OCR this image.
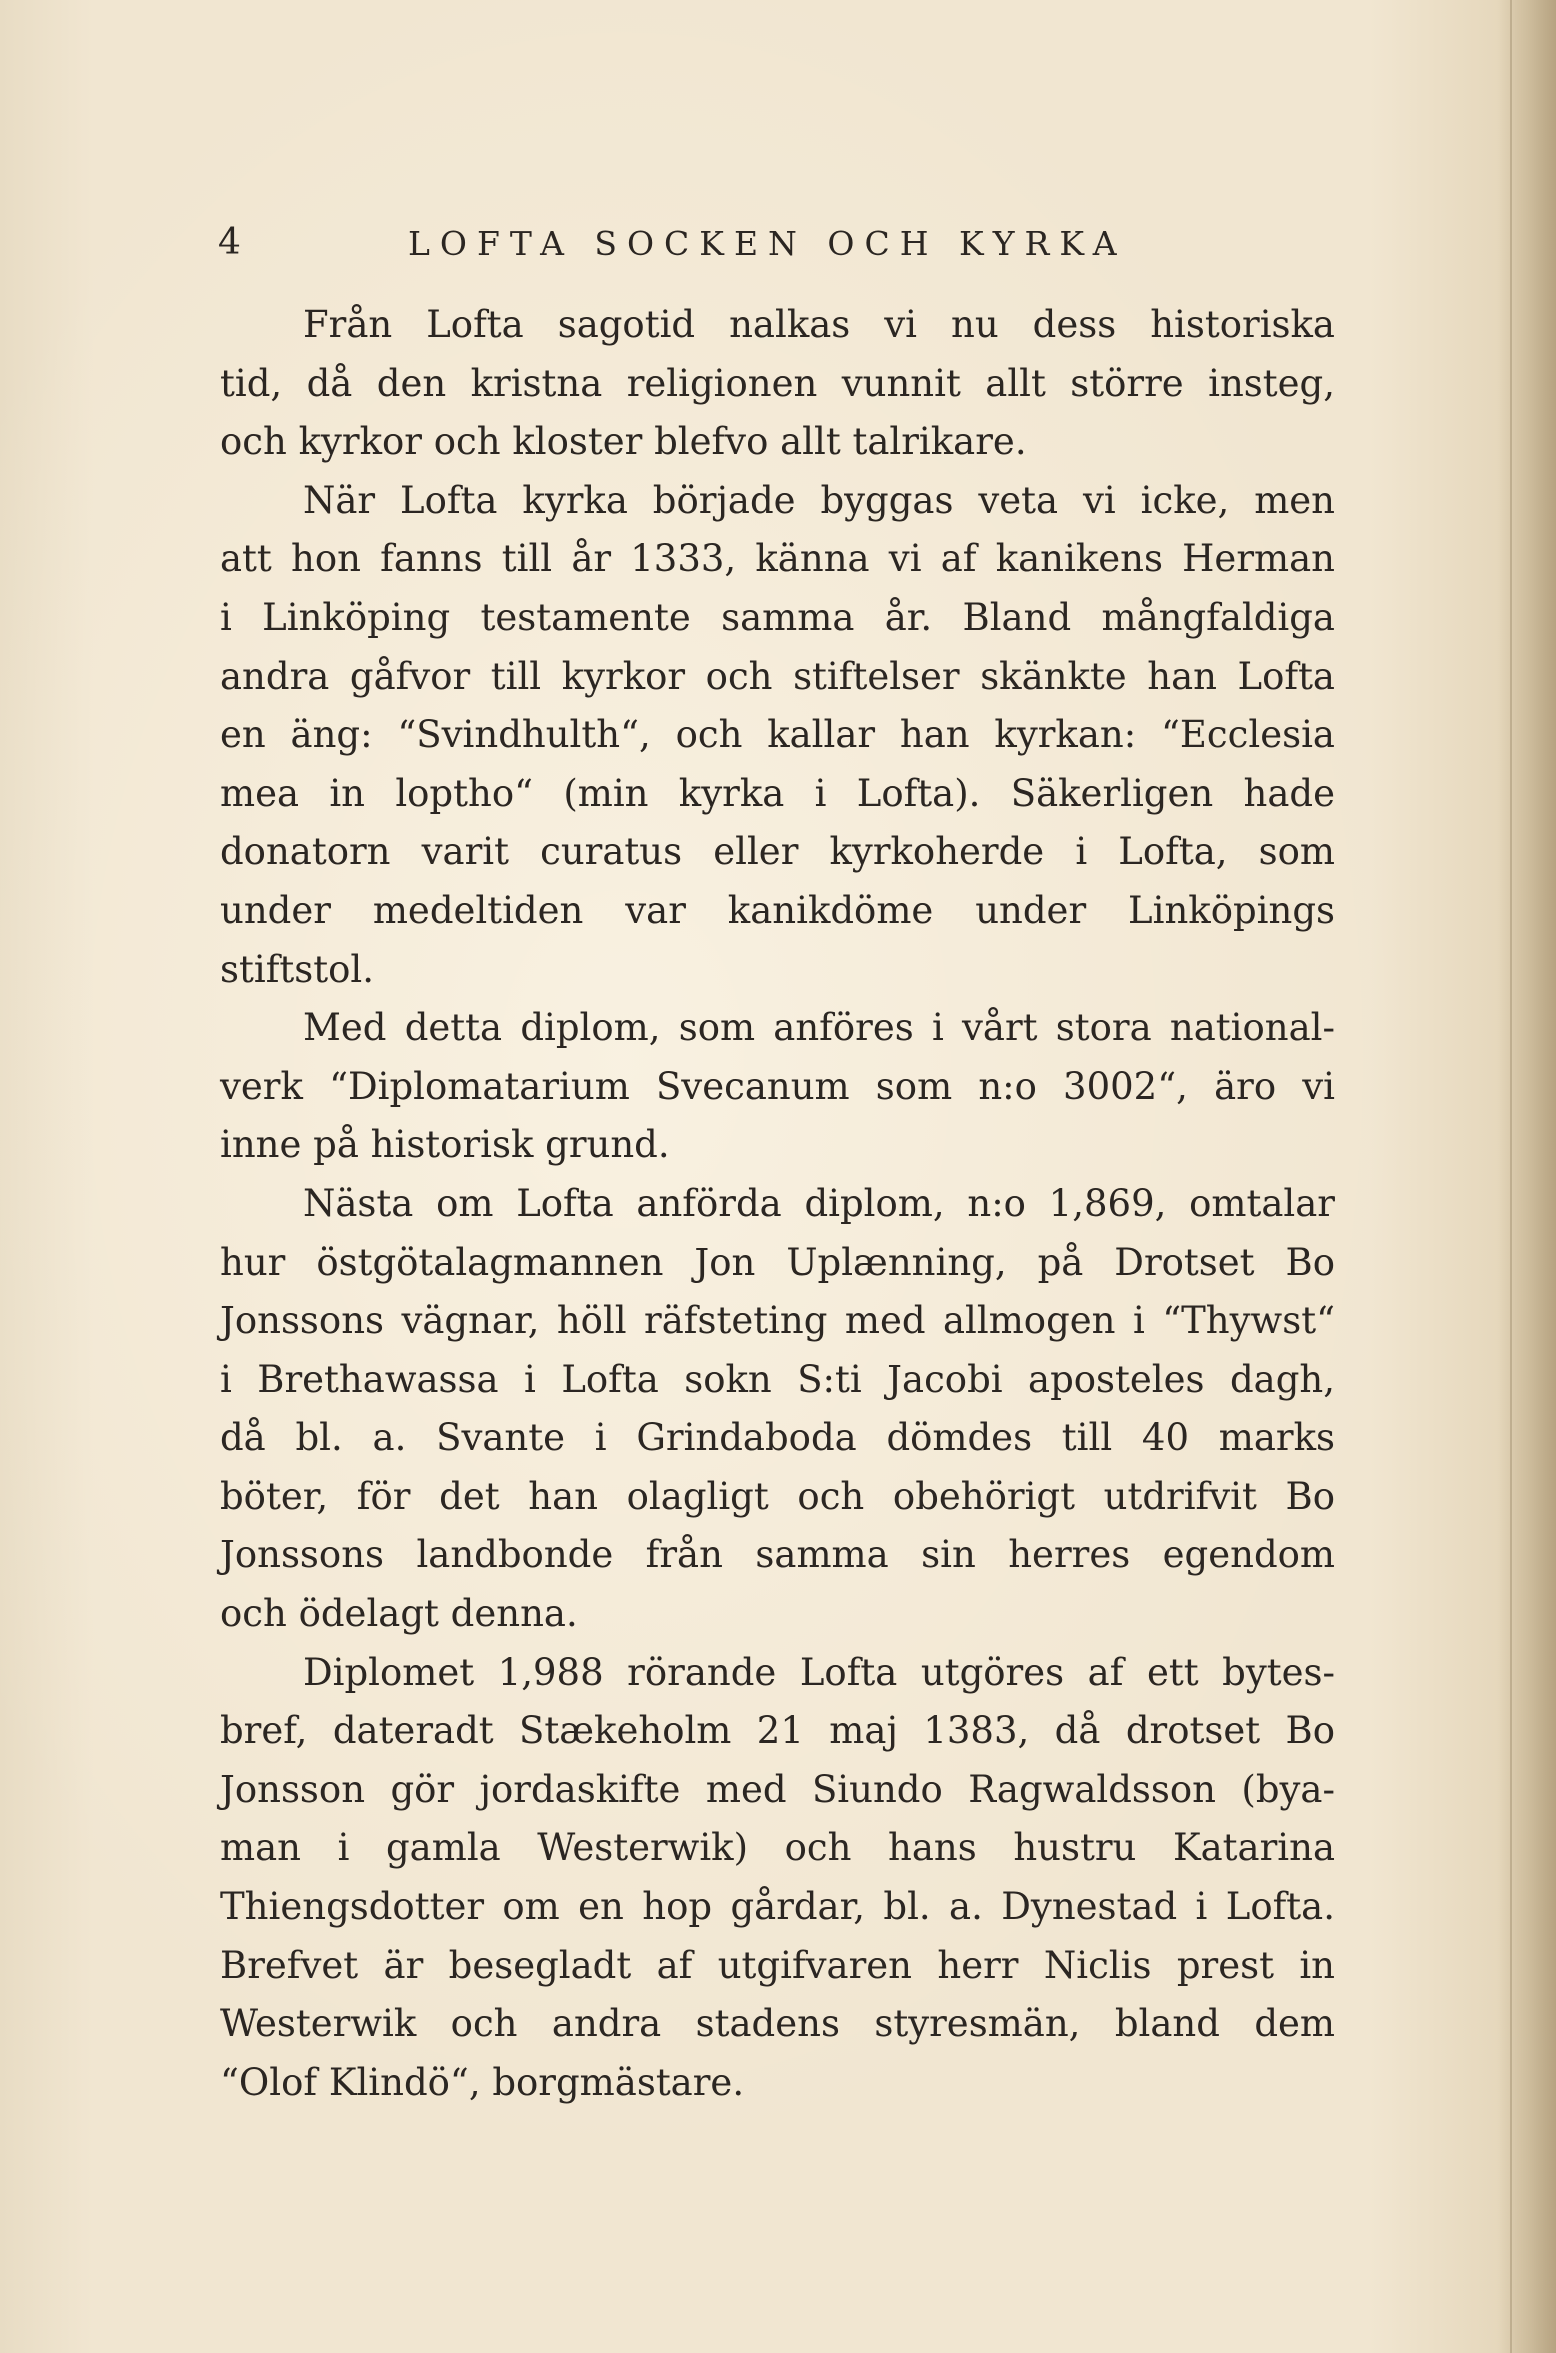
4	LOFTA SOCKEN OCH KYRKA
Från Lofta sagotid nalkas vi nu dess historiska
tid, då den kristna religionen vunnit allt större insteg,
och kyrkor och kloster blefvo allt talrikare.
När Lofta kyrka började byggas veta vi icke, men
att hon fanns till år 1333, känna vi af kanikens Herman
i Linköping testamente samma år. Bland mångfaldiga
andra gåfvor till kyrkor och stiftelser skänkte han Lofta
en äng: “Svindhulth“, och kallar han kyrkan: “Ecclesia
mea in loptho“ (min kyrka i Lofta). Säkerligen hade
donatorn varit curatus eller kyrkoherde i Lofta, som
under medeltiden var kanikdöme under Linköpings
stiftstol.
Med detta diplom, som anföres i vårt stora national-
verk “Diplomatarium Svecanum som n:o 3002“, äro vi
inne på historisk grund.
Nästa om Lofta anförda diplom, n:o 1,869, omtalar
hur östgötalagmannen Jon Uplænning, på Drotset Bo
Jonssons vägnar, höll räfsteting med allmogen i “Thywst“
i Brethawassa i Lofta sokn S:ti Jacobi aposteles dagh,
då bl. a. Svante i Grindaboda dömdes till 40 marks
böter, för det han olagligt och obehörigt utdrifvit Bo
Jonssons landbonde från samma sin herres egendom
och ödelagt denna.
Diplomet 1,988 rörande Lofta utgöres af ett bytes-
bref, dateradt Stækeholm 21 maj 1383, då drotset Bo
Jonsson gör jordaskifte med Siundo Ragwaldsson (bya-
man i gamla Westerwik) och hans hustru Katarina
Thiengsdotter om en hop gårdar, bl. a. Dynestad i Lofta.
Brefvet är besegladt af utgifvaren herr Niclis prest in
Westerwik och andra stadens styresmän, bland dem
“Olof Klindö“, borgmästare.
